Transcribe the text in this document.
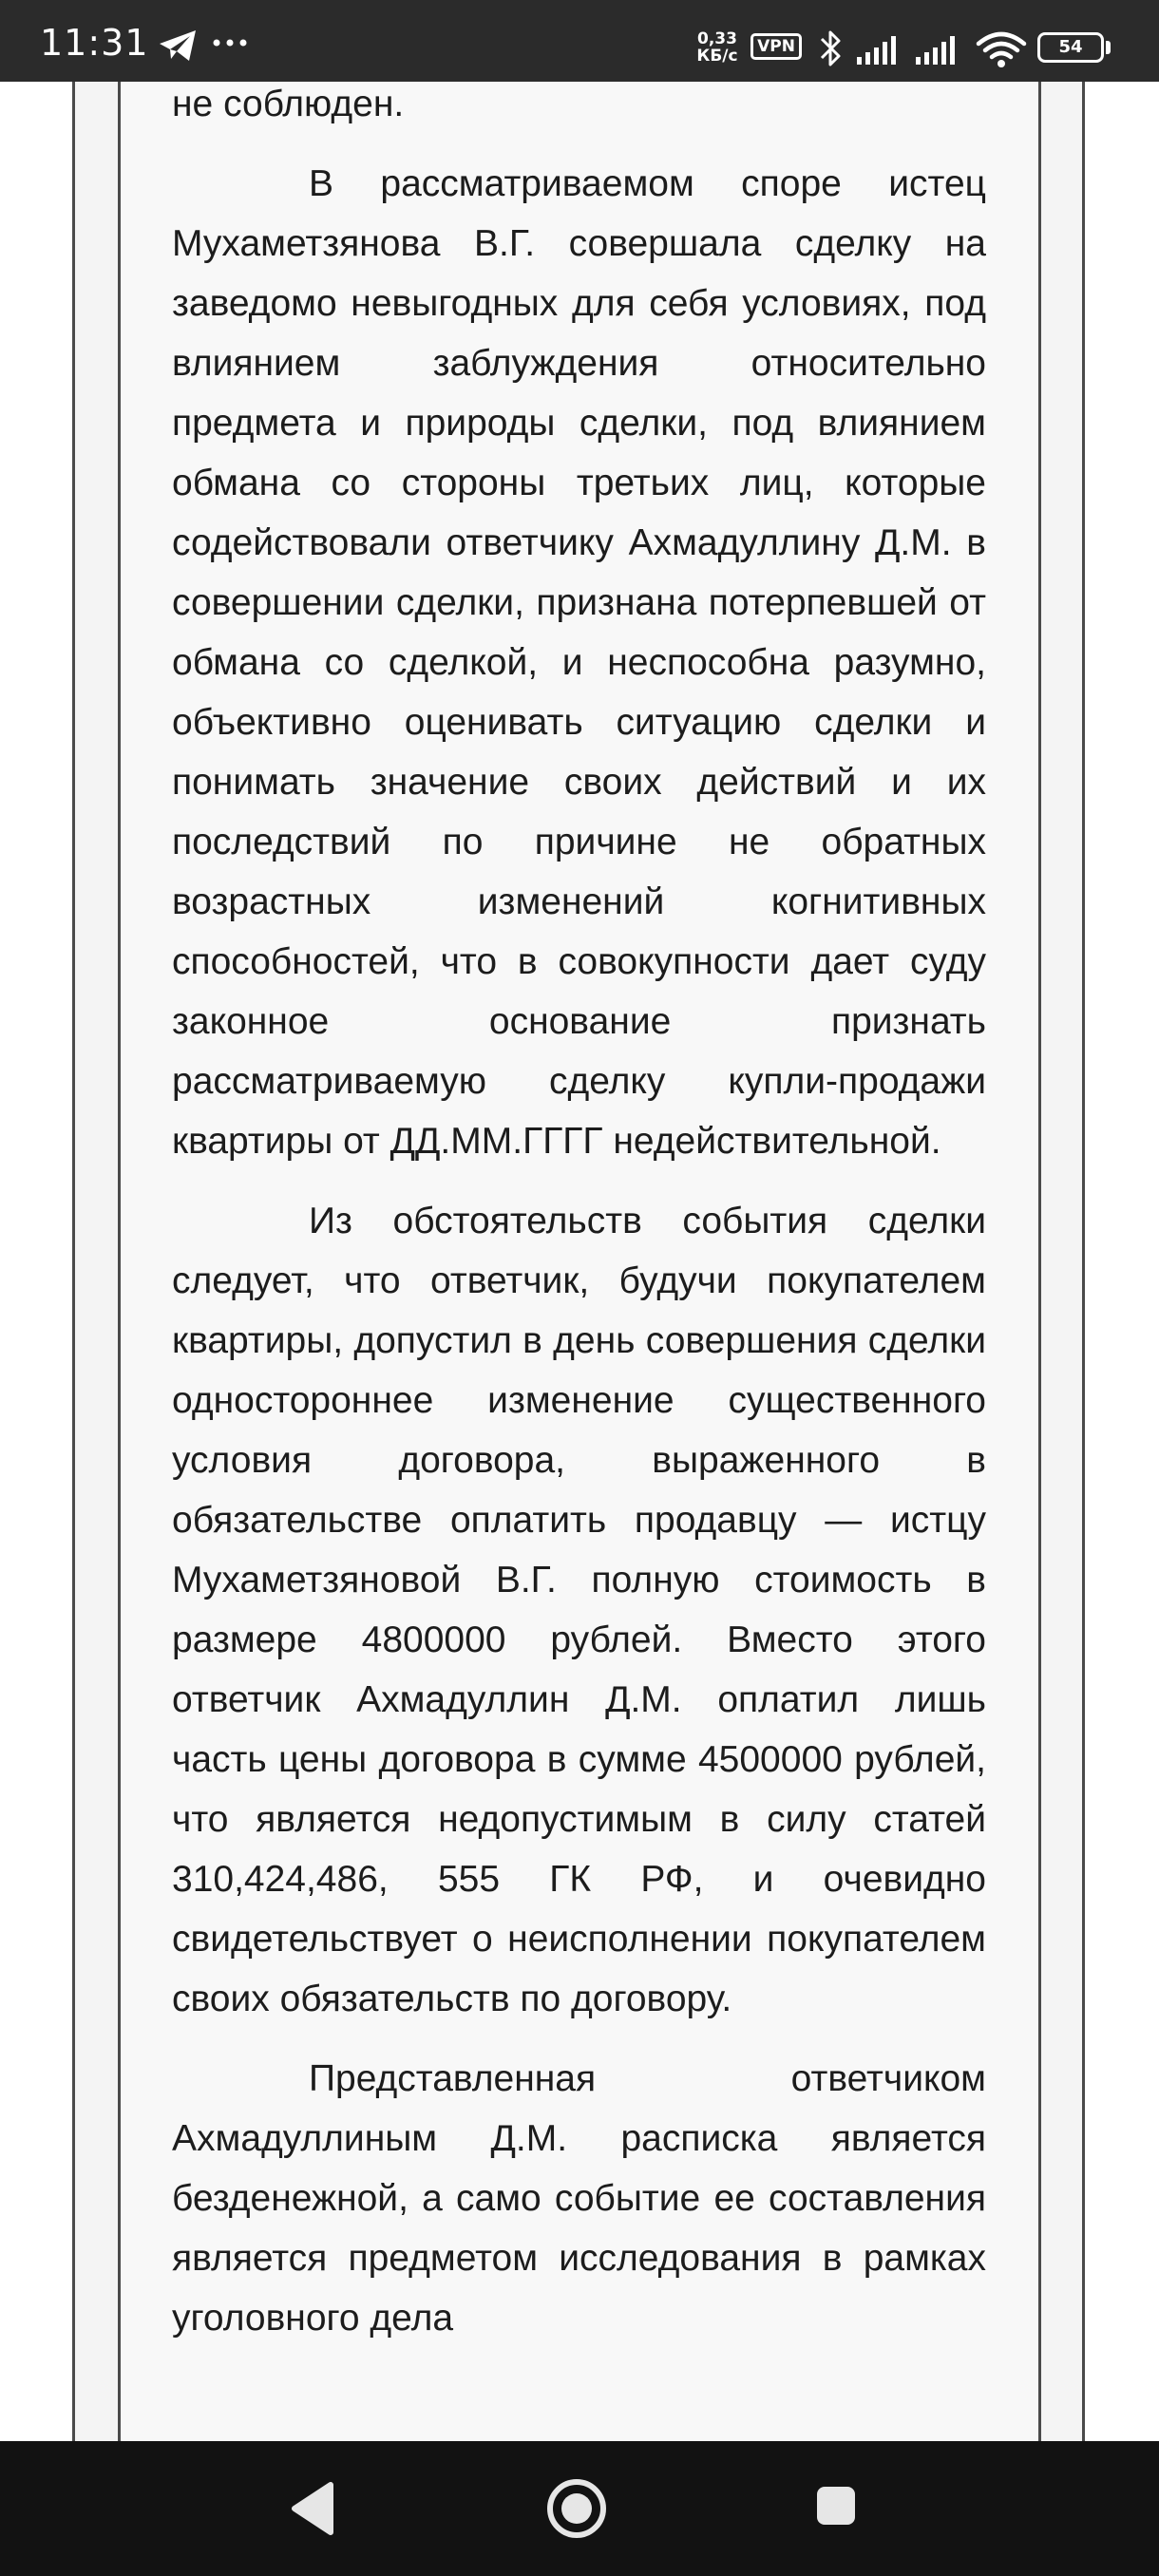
11:31	0,33
КБ/с	VPN	54

не соблюден.

В рассматриваемом споре истец Мухаметзянова В.Г. совершала сделку на заведомо невыгодных для себя условиях, под влиянием заблуждения относительно предмета и природы сделки, под влиянием обмана со стороны третьих лиц, которые содействовали ответчику Ахмадуллину Д.М. в совершении сделки, признана потерпевшей от обмана со сделкой, и неспособна разумно, объективно оценивать ситуацию сделки и понимать значение своих действий и их последствий по причине не обратных возрастных изменений когнитивных способностей, что в совокупности дает суду законное основание признать рассматриваемую сделку купли-продажи квартиры от ДД.ММ.ГГГГ недействительной.

Из обстоятельств события сделки следует, что ответчик, будучи покупателем квартиры, допустил в день совершения сделки одностороннее изменение существенного условия договора, выраженного в обязательстве оплатить продавцу — истцу Мухаметзяновой В.Г. полную стоимость в размере 4800000 рублей. Вместо этого ответчик Ахмадуллин Д.М. оплатил лишь часть цены договора в сумме 4500000 рублей, что является недопустимым в силу статей 310,424,486, 555 ГК РФ, и очевидно свидетельствует о неисполнении покупателем своих обязательств по договору.

Представленная ответчиком Ахмадуллиным Д.М. расписка является безденежной, а само событие ее составления является предметом исследования в рамках уголовного дела
